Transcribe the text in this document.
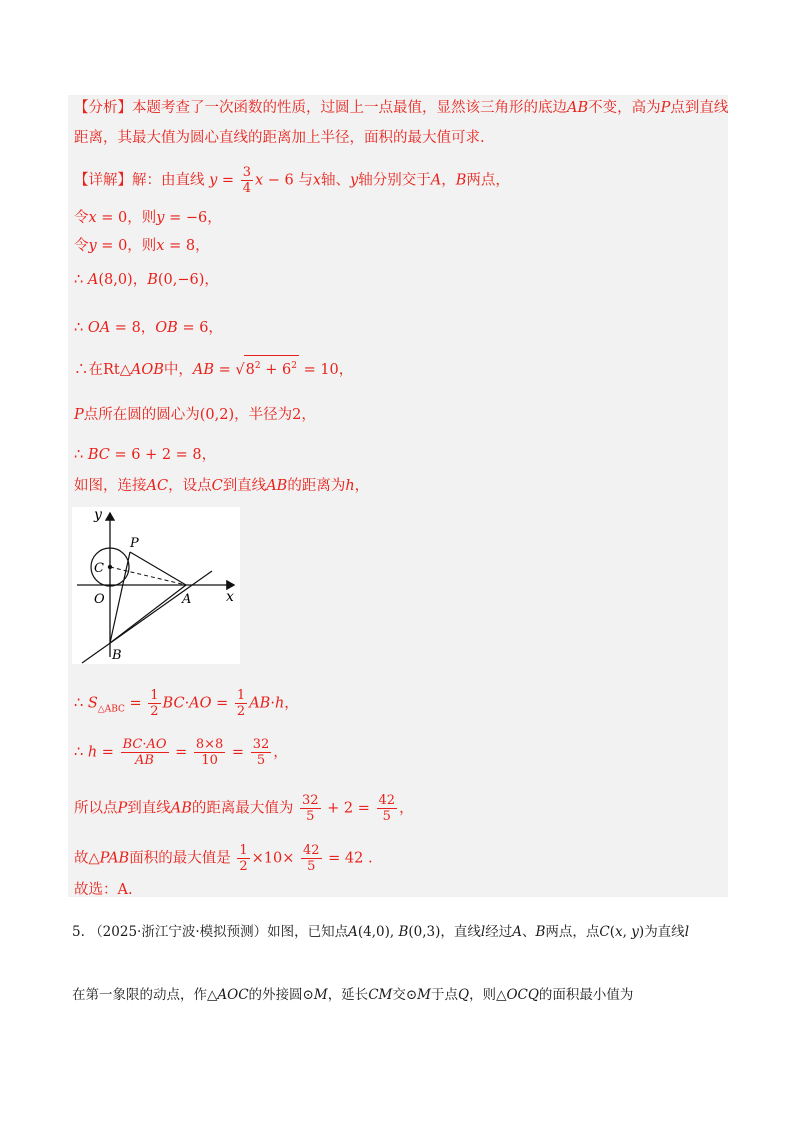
【分析】本题考查了一次函数的性质，过圆上一点最值，显然该三角形的底边AB不变，高为P点到直线
距离，其最大值为圆心直线的距离加上半径，面积的最大值可求.
【详解】解：由直线 $y = \frac{3}{4}$ x − 6 与x轴、y轴分别交于A，B两点，
令x = 0，则y = −6，
令y = 0，则x = 8，
∴ A(8,0)，B(0,−6)，
∴ OA = 8，OB = 6，
∴在Rt△AOB中，AB = $√8^2 + 6^2 = 10$，
P点所在圆的圆心为(0,2)，半径为2，
∴ BC = 6 + 2 = 8，
如图，连接AC，设点C到直线AB的距离为h，
y
x
P
C
O	A
B
∴ $S_{\triangle ABC} = \frac{1}{2} BC\cdot AO = \frac{1}{2} AB\cdot h$，
∴ $h = \frac{BC\cdot AO}{AB} = \frac{8\times 8}{10} = \frac{32}{5}$ ，
所以点P到直线AB的距离最大值为 $\frac{32}{5} + 2 = \frac{42}{5}$ ，
故△PAB面积的最大值是 $\frac{1}{2} \times 10\times \frac{42}{5} = 42$ .
故选：A.
5. （2025·浙江宁波·模拟预测）如图，已知点A(4,0), B(0,3)，直线l经过A、B两点，点C(x, y)为直线l
在第一象限的动点，作△AOC的外接圆⊙M，延长CM交⊙M于点Q，则△OCQ的面积最小值为
